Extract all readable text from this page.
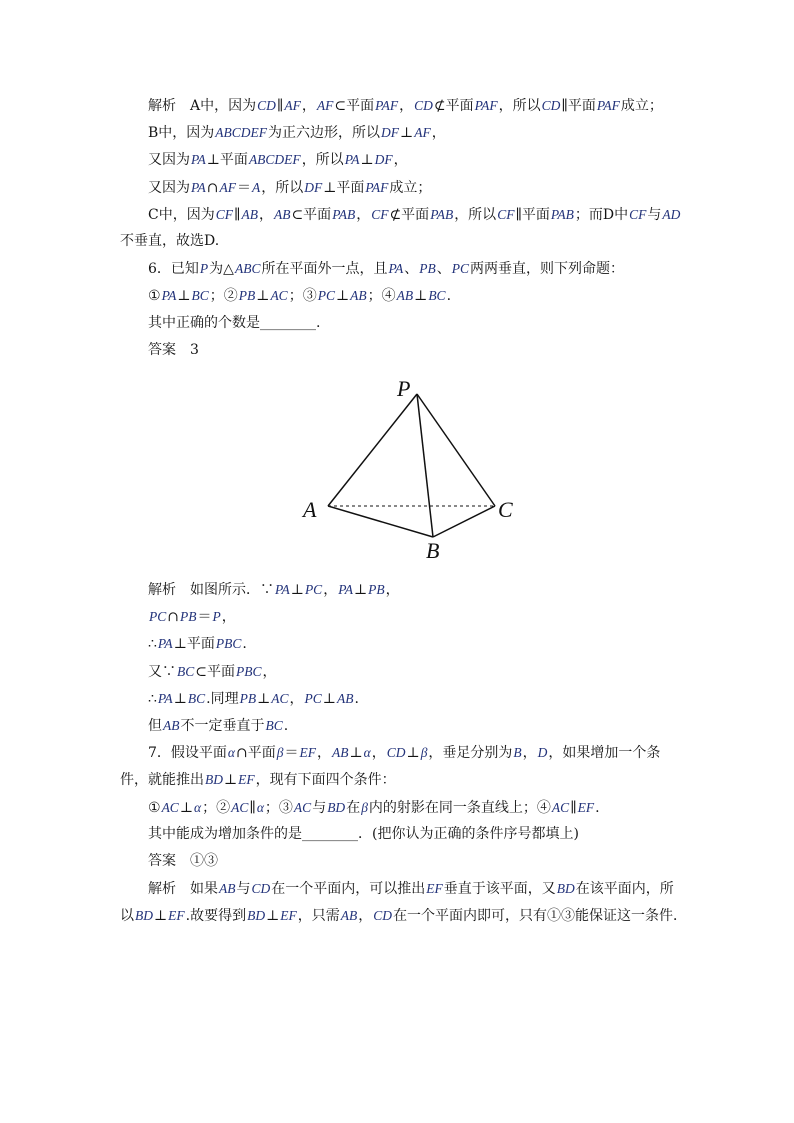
解析　A中，因为CD∥AF，AF⊂平面PAF，CD⊄平面PAF，所以CD∥平面PAF成立；
B中，因为ABCDEF为正六边形，所以DF⊥AF，
又因为PA⊥平面ABCDEF，所以PA⊥DF，
又因为PA∩AF＝A，所以DF⊥平面PAF成立；
C中，因为CF∥AB，AB⊂平面PAB，CF⊄平面PAB，所以CF∥平面PAB；而D中CF与AD
不垂直，故选D.
6．已知P为△ABC所在平面外一点，且PA、PB、PC两两垂直，则下列命题：
①PA⊥BC；②PB⊥AC；③PC⊥AB；④AB⊥BC.
其中正确的个数是________.
答案　3
P
A	C
B
解析　如图所示．∵PA⊥PC，PA⊥PB，
PC∩PB＝P，
∴PA⊥平面PBC.
又∵BC⊂平面PBC，
∴PA⊥BC.同理PB⊥AC，PC⊥AB.
但AB不一定垂直于BC.
7．假设平面α∩平面β＝EF，AB⊥α，CD⊥β，垂足分别为B，D，如果增加一个条
件，就能推出BD⊥EF，现有下面四个条件：
①AC⊥α；②AC∥α；③AC与BD在β内的射影在同一条直线上；④AC∥EF.
其中能成为增加条件的是________．(把你认为正确的条件序号都填上)
答案　①③
解析　如果AB与CD在一个平面内，可以推出EF垂直于该平面，又BD在该平面内，所
以BD⊥EF.故要得到BD⊥EF，只需AB，CD在一个平面内即可，只有①③能保证这一条件．
